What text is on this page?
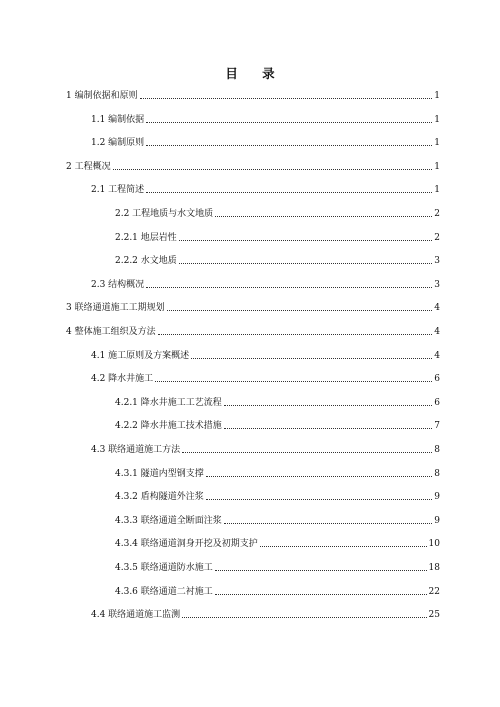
目 录
1 编制依据和原则	1
1.1 编制依据	1
1.2 编制原则	1
2 工程概况	1
2.1 工程简述	1
2.2 工程地质与水文地质	2
2.2.1 地层岩性	2
2.2.2 水文地质	3
2.3 结构概况	3
3 联络通道施工工期规划	4
4 整体施工组织及方法	4
4.1 施工原则及方案概述	4
4.2 降水井施工	6
4.2.1 降水井施工工艺流程	6
4.2.2 降水井施工技术措施	7
4.3 联络通道施工方法	8
4.3.1 隧道内型钢支撑	8
4.3.2 盾构隧道外注浆	9
4.3.3 联络通道全断面注浆	9
4.3.4 联络通道洞身开挖及初期支护	10
4.3.5 联络通道防水施工	18
4.3.6 联络通道二衬施工	22
4.4 联络通道施工监测	25
